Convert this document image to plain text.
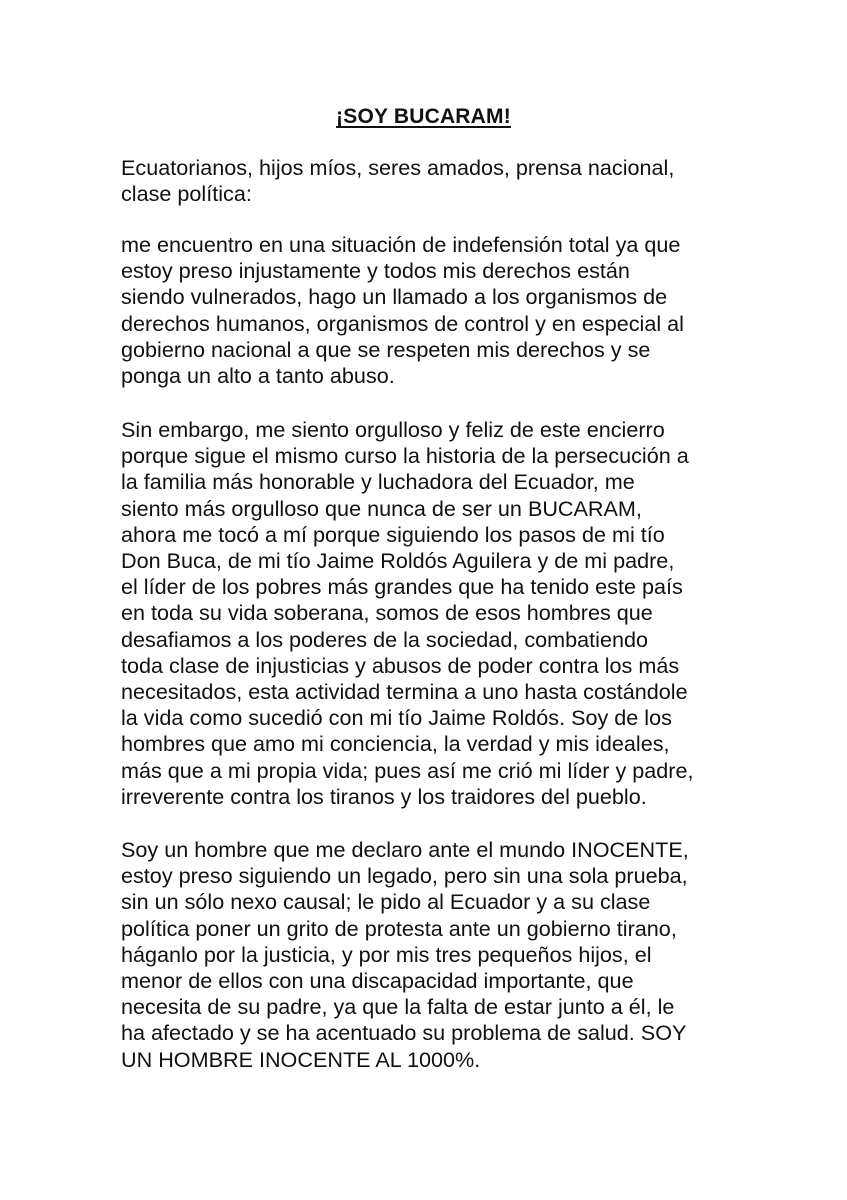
¡SOY BUCARAM!

Ecuatorianos, hijos míos, seres amados, prensa nacional,
clase política:

me encuentro en una situación de indefensión total ya que
estoy preso injustamente y todos mis derechos están
siendo vulnerados, hago un llamado a los organismos de
derechos humanos, organismos de control y en especial al
gobierno nacional a que se respeten mis derechos y se
ponga un alto a tanto abuso.

Sin embargo, me siento orgulloso y feliz de este encierro
porque sigue el mismo curso la historia de la persecución a
la familia más honorable y luchadora del Ecuador, me
siento más orgulloso que nunca de ser un BUCARAM,
ahora me tocó a mí porque siguiendo los pasos de mi tío
Don Buca, de mi tío Jaime Roldós Aguilera y de mi padre,
el líder de los pobres más grandes que ha tenido este país
en toda su vida soberana, somos de esos hombres que
desafiamos a los poderes de la sociedad, combatiendo
toda clase de injusticias y abusos de poder contra los más
necesitados, esta actividad termina a uno hasta costándole
la vida como sucedió con mi tío Jaime Roldós. Soy de los
hombres que amo mi conciencia, la verdad y mis ideales,
más que a mi propia vida; pues así me crió mi líder y padre,
irreverente contra los tiranos y los traidores del pueblo.

Soy un hombre que me declaro ante el mundo INOCENTE,
estoy preso siguiendo un legado, pero sin una sola prueba,
sin un sólo nexo causal; le pido al Ecuador y a su clase
política poner un grito de protesta ante un gobierno tirano,
háganlo por la justicia, y por mis tres pequeños hijos, el
menor de ellos con una discapacidad importante, que
necesita de su padre, ya que la falta de estar junto a él, le
ha afectado y se ha acentuado su problema de salud. SOY
UN HOMBRE INOCENTE AL 1000%.
